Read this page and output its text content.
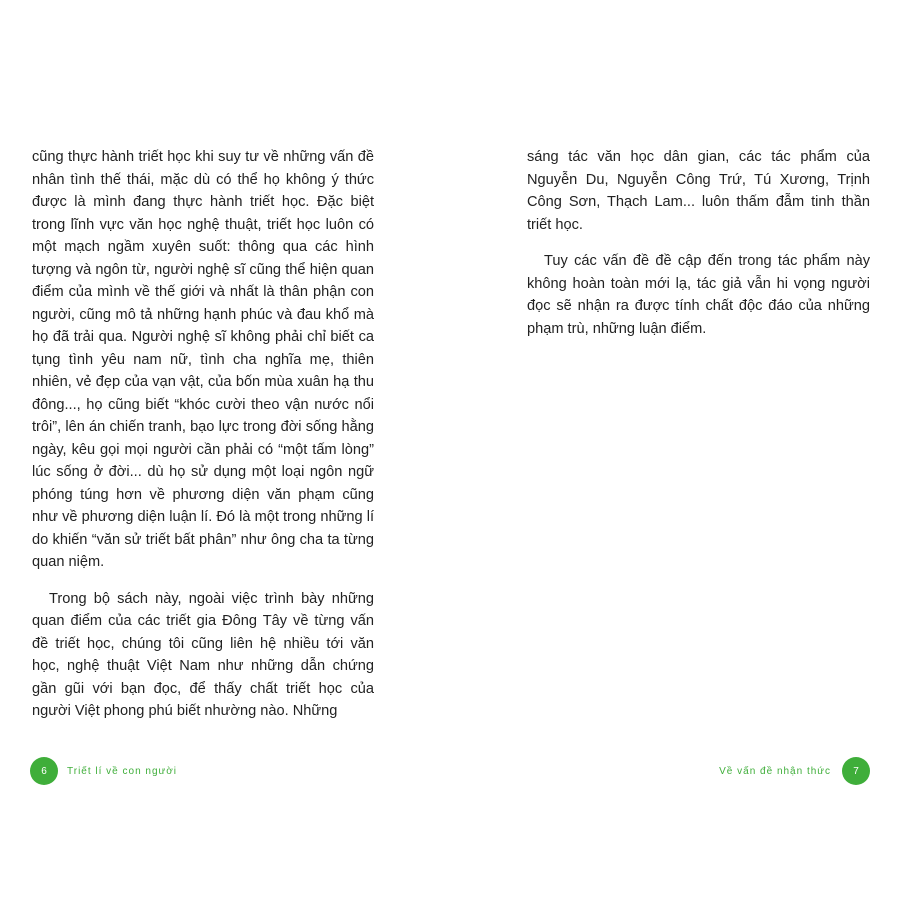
cũng thực hành triết học khi suy tư về những vấn đề nhân tình thế thái, mặc dù có thể họ không ý thức được là mình đang thực hành triết học. Đặc biệt trong lĩnh vực văn học nghệ thuật, triết học luôn có một mạch ngầm xuyên suốt: thông qua các hình tượng và ngôn từ, người nghệ sĩ cũng thể hiện quan điểm của mình về thế giới và nhất là thân phận con người, cũng mô tả những hạnh phúc và đau khổ mà họ đã trải qua. Người nghệ sĩ không phải chỉ biết ca tụng tình yêu nam nữ, tình cha nghĩa mẹ, thiên nhiên, vẻ đẹp của vạn vật, của bốn mùa xuân hạ thu đông..., họ cũng biết “khóc cười theo vận nước nổi trôi”, lên án chiến tranh, bạo lực trong đời sống hằng ngày, kêu gọi mọi người cần phải có “một tấm lòng” lúc sống ở đời... dù họ sử dụng một loại ngôn ngữ phóng túng hơn về phương diện văn phạm cũng như về phương diện luận lí. Đó là một trong những lí do khiến “văn sử triết bất phân” như ông cha ta từng quan niệm.

Trong bộ sách này, ngoài việc trình bày những quan điểm của các triết gia Đông Tây về từng vấn đề triết học, chúng tôi cũng liên hệ nhiều tới văn học, nghệ thuật Việt Nam như những dẫn chứng gần gũi với bạn đọc, để thấy chất triết học của người Việt phong phú biết nhường nào. Những

6	Triết lí về con người

sáng tác văn học dân gian, các tác phẩm của Nguyễn Du, Nguyễn Công Trứ, Tú Xương, Trịnh Công Sơn, Thạch Lam... luôn thấm đẫm tinh thần triết học.

Tuy các vấn đề đề cập đến trong tác phẩm này không hoàn toàn mới lạ, tác giả vẫn hi vọng người đọc sẽ nhận ra được tính chất độc đáo của những phạm trù, những luận điểm.

Về vấn đề nhận thức	7
